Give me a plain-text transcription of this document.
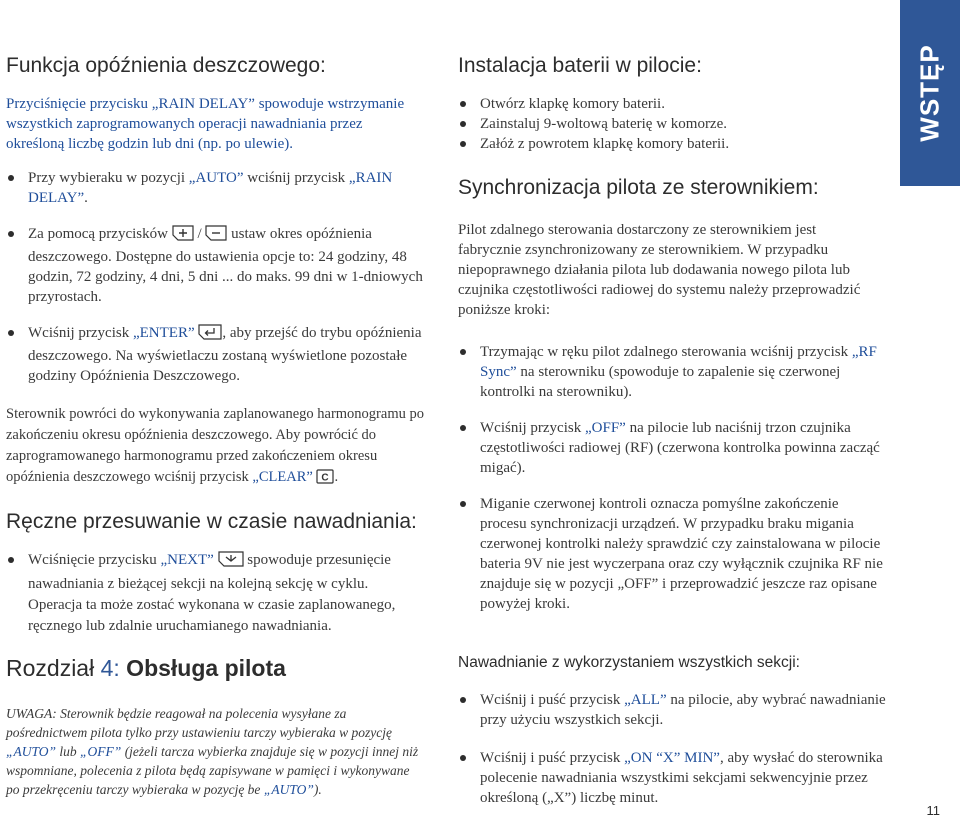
WSTĘP
Funkcja opóźnienia deszczowego:

Przyciśnięcie przycisku „RAIN DELAY” spowoduje wstrzymanie wszystkich zaprogramowanych operacji nawadniania przez określoną liczbę godzin lub dni (np. po ulewie).

Przy wybieraku w pozycji „AUTO” wciśnij przycisk „RAIN DELAY”.
Za pomocą przycisków  /  ustaw okres opóźnienia deszczowego. Dostępne do ustawienia opcje to: 24 godziny, 48 godzin, 72 godziny, 4 dni, 5 dni ... do maks. 99 dni w 1-dniowych przyrostach.
Wciśnij przycisk „ENTER” , aby przejść do trybu opóźnienia deszczowego. Na wyświetlaczu zostaną wyświetlone pozostałe godziny Opóźnienia Deszczowego.

Sterownik powróci do wykonywania zaplanowanego harmonogramu po zakończeniu okresu opóźnienia deszczowego. Aby powrócić do zaprogramowanego harmonogramu przed zakończeniem okresu opóźnienia deszczowego wciśnij przycisk „CLEAR” C .

Ręczne przesuwanie w czasie nawadniania:
Wciśnięcie przycisku „NEXT”  spowoduje przesunięcie nawadniania z bieżącej sekcji na kolejną sekcję w cyklu. Operacja ta może zostać wykonana w czasie zaplanowanego, ręcznego lub zdalnie uruchamianego nawadniania.
Rozdział 4: Obsługa pilota

UWAGA: Sterownik będzie reagował na polecenia wysyłane za pośrednictwem pilota tylko przy ustawieniu tarczy wybieraka w pozycję „AUTO” lub „OFF” (jeżeli tarcza wybierka znajduje się w pozycji innej niż wspomniane, polecenia z pilota będą zapisywane w pamięci i wykonywane po przekręceniu tarczy wybieraka w pozycję be „AUTO”).

Instalacja baterii w pilocie:
Otwórz klapkę komory baterii.
Zainstaluj 9-woltową baterię w komorze.
Załóż z powrotem klapkę komory baterii.
Synchronizacja pilota ze sterownikiem:

Pilot zdalnego sterowania dostarczony ze sterownikiem jest fabrycznie zsynchronizowany ze sterownikiem. W przypadku niepoprawnego działania pilota lub dodawania nowego pilota lub czujnika częstotliwości radiowej do systemu należy przeprowadzić poniższe kroki:

Trzymając w ręku pilot zdalnego sterowania wciśnij przycisk „RF Sync” na sterowniku (spowoduje to zapalenie się czerwonej kontrolki na sterowniku).
Wciśnij przycisk „OFF” na pilocie lub naciśnij trzon czujnika częstotliwości radiowej (RF) (czerwona kontrolka powinna zacząć migać).
Miganie czerwonej kontroli oznacza pomyślne zakończenie procesu synchronizacji urządzeń. W przypadku braku migania czerwonej kontrolki należy sprawdzić czy zainstalowana w pilocie bateria 9V nie jest wyczerpana oraz czy wyłącznik czujnika RF nie znajduje się w pozycji „OFF” i przeprowadzić jeszcze raz opisane powyżej kroki.
Nawadnianie z wykorzystaniem wszystkich sekcji:
Wciśnij i puść przycisk „ALL” na pilocie, aby wybrać nawadnianie przy użyciu wszystkich sekcji.
Wciśnij i puść przycisk „ON “X” MIN”, aby wysłać do sterownika polecenie nawadniania wszystkimi sekcjami sekwencyjnie przez określoną („X”) liczbę minut.
11
